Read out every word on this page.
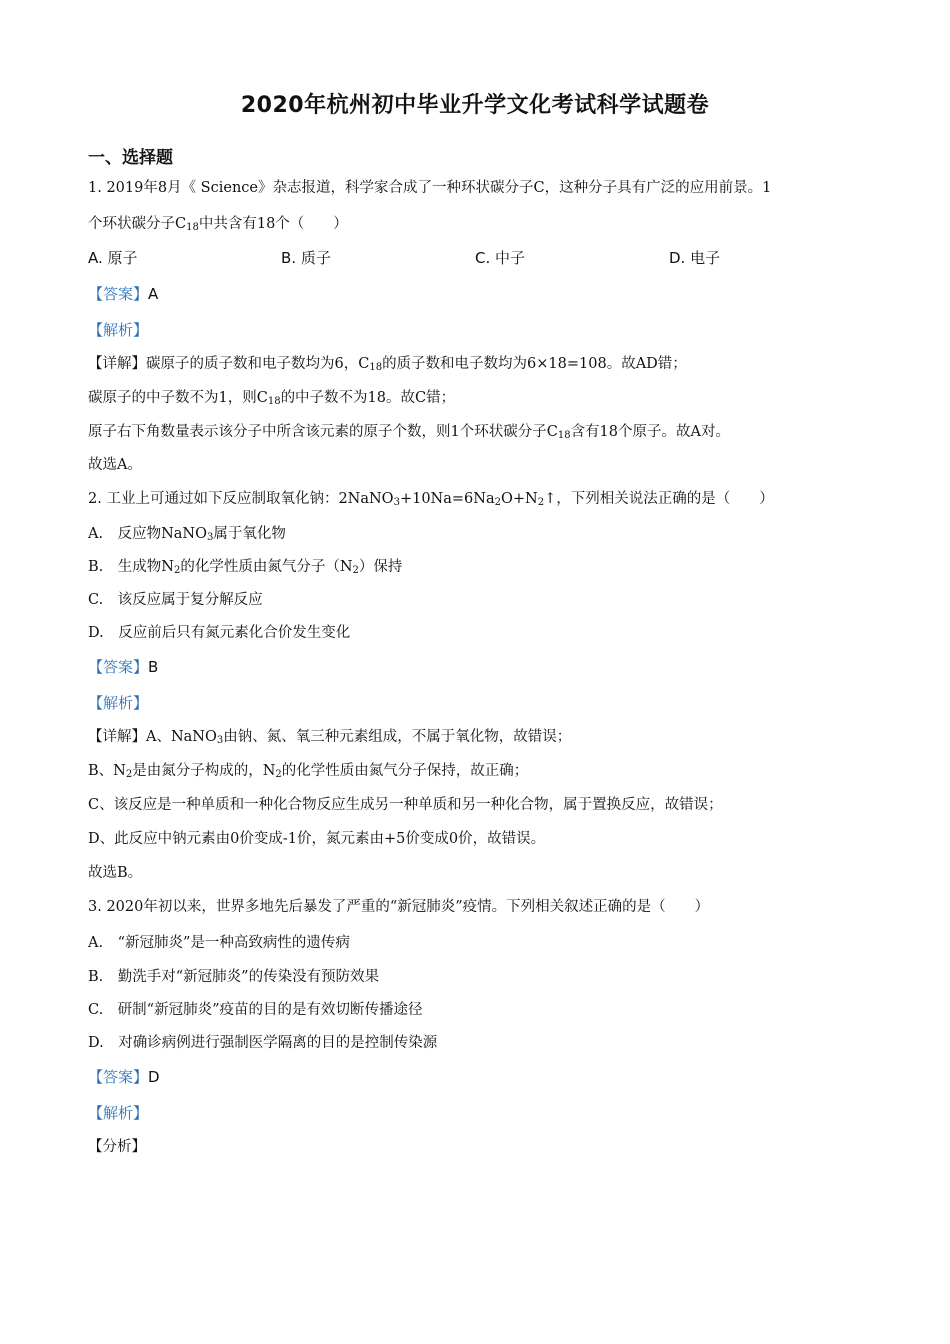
2020年杭州初中毕业升学文化考试科学试题卷
一、选择题
1. 2019年8月《 Science》杂志报道，科学家合成了一种环状碳分子C，这种分子具有广泛的应用前景。1
个环状碳分子$C_{18}$中共含有18个（　　）
A. 原子	B. 质子	C. 中子	D. 电子
【答案】A
【解析】
【详解】碳原子的质子数和电子数均为6，$C_{18}$的质子数和电子数均为6×18=108。故AD错；
碳原子的中子数不为1，则$C_{18}$的中子数不为18。故C错；
原子右下角数量表示该分子中所含该元素的原子个数，则1个环状碳分子$C_{18}$含有18个原子。故A对。
故选A。
2. 工业上可通过如下反应制取氧化钠：$2NaNO_3+10Na=6Na_2O+N_2↑$，下列相关说法正确的是（　　）
A.　反应物NaNO$_3$属于氧化物
B.　生成物$N_2$的化学性质由氮气分子$(N_2)$保持
C.　该反应属于复分解反应
D.　反应前后只有氮元素化合价发生变化
【答案】B
【解析】
【详解】A、NaNO$_3$由钠、氮、氧三种元素组成，不属于氧化物，故错误；
B、$N_2$是由氮分子构成的，$N_2$的化学性质由氮气分子保持，故正确；
C、该反应是一种单质和一种化合物反应生成另一种单质和另一种化合物，属于置换反应，故错误；
D、此反应中钠元素由0价变成-1价，氮元素由+5价变成0价，故错误。
故选B。
3. 2020年初以来，世界多地先后暴发了严重的“新冠肺炎”疫情。下列相关叙述正确的是（　　）
A.　“新冠肺炎”是一种高致病性的遗传病
B.　勤洗手对“新冠肺炎”的传染没有预防效果
C.　研制“新冠肺炎”疫苗的目的是有效切断传播途径
D.　对确诊病例进行强制医学隔离的目的是控制传染源
【答案】D
【解析】
【分析】
